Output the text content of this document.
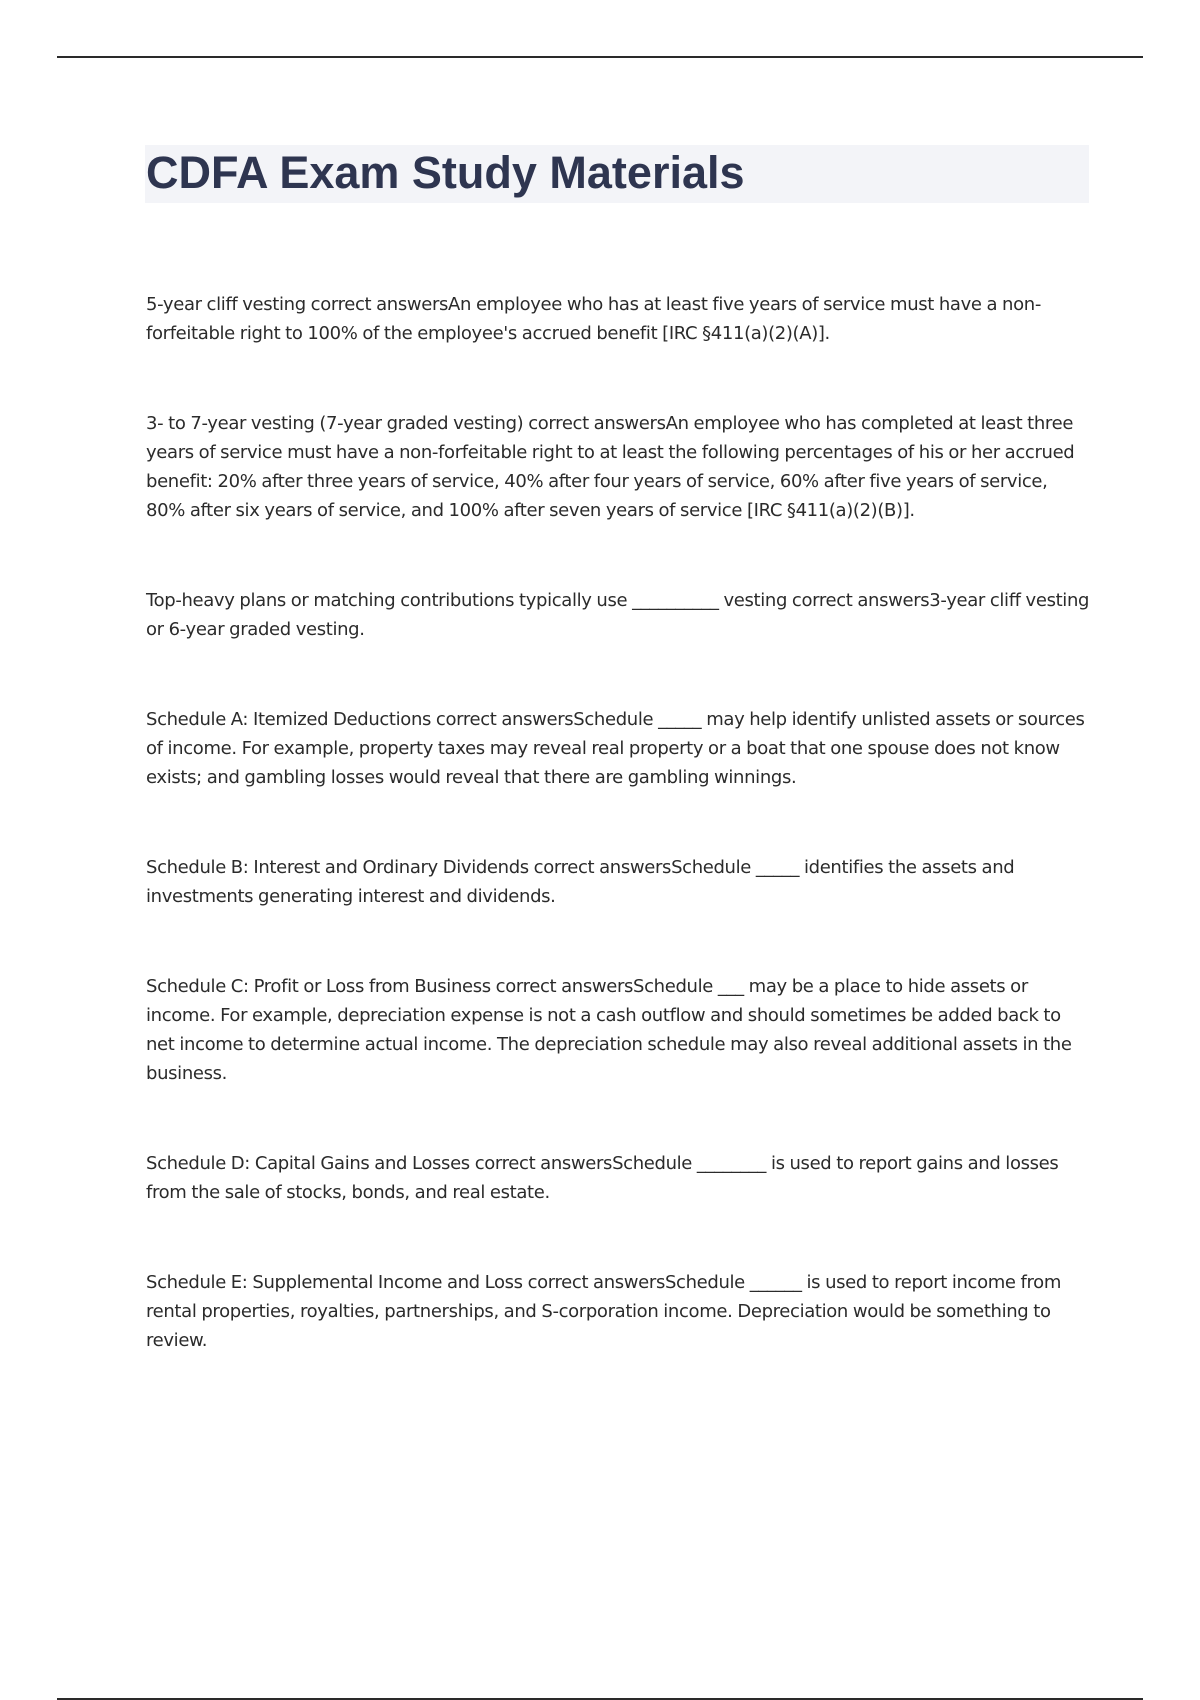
CDFA Exam Study Materials

5-year cliff vesting correct answersAn employee who has at least five years of service must have a non-forfeitable right to 100% of the employee's accrued benefit [IRC §411(a)(2)(A)].

3- to 7-year vesting (7-year graded vesting) correct answersAn employee who has completed at least three years of service must have a non-forfeitable right to at least the following percentages of his or her accrued benefit: 20% after three years of service, 40% after four years of service, 60% after five years of service, 80% after six years of service, and 100% after seven years of service [IRC §411(a)(2)(B)].

Top-heavy plans or matching contributions typically use __________ vesting correct answers3-year cliff vesting or 6-year graded vesting.

Schedule A: Itemized Deductions correct answersSchedule _____ may help identify unlisted assets or sources of income. For example, property taxes may reveal real property or a boat that one spouse does not know exists; and gambling losses would reveal that there are gambling winnings.

Schedule B: Interest and Ordinary Dividends correct answersSchedule _____ identifies the assets and investments generating interest and dividends.

Schedule C: Profit or Loss from Business correct answersSchedule ___ may be a place to hide assets or income. For example, depreciation expense is not a cash outflow and should sometimes be added back to net income to determine actual income. The depreciation schedule may also reveal additional assets in the business.

Schedule D: Capital Gains and Losses correct answersSchedule ________ is used to report gains and losses from the sale of stocks, bonds, and real estate.

Schedule E: Supplemental Income and Loss correct answersSchedule ______ is used to report income from rental properties, royalties, partnerships, and S-corporation income. Depreciation would be something to review.
